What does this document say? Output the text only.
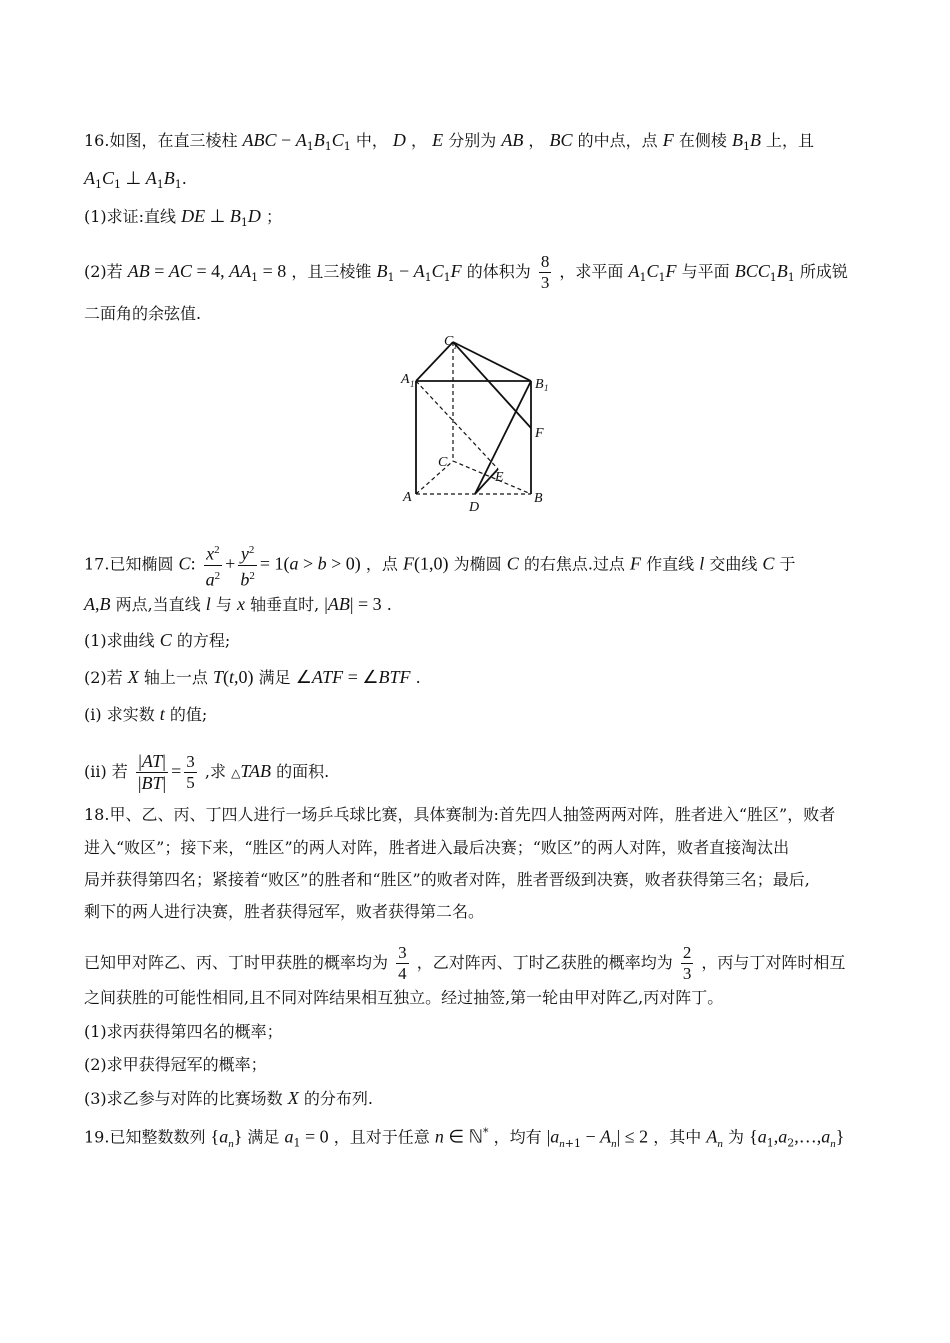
16.如图，在直三棱柱 ABC − $A_1B_1C_1$ 中， D ， E 分别为 AB ， BC 的中点，点 F 在侧棱 $B_1B$ 上，且
$A_1C_1$ ⊥ $A_1B_1$.
(1)求证:直线 DE ⊥ $B_1D$ ；
(2)若 AB = AC = 4, $AA_1 = 8$ ，且三棱锥 $B_1 - A_1C_1F$ 的体积为 $\frac{8}{3}$ ，求平面 $A_1C_1F$ 与平面 $BCC_1B_1$ 所成锐
二面角的余弦值.
C 1
A 1	B 1
F
C
E
A	B
D
17.已知椭圆 C: $\frac{x^2}{a^2} + \frac{y^2}{b^2} = 1(a > b > 0)$ ，点 F(1,0) 为椭圆 C 的右焦点.过点 F 作直线 l 交曲线 C 于
A,B 两点,当直线 l 与 x 轴垂直时, |AB| = 3 .
(1)求曲线 C 的方程;
(2)若 X 轴上一点 T(t,0) 满足 ∠ATF = ∠BTF .
(i) 求实数 t 的值;
(ii) 若 $\frac{|AT|}{|BT|} = \frac{3}{5}$ ,求 △TAB 的面积.
18.甲、乙、丙、丁四人进行一场乒乓球比赛，具体赛制为:首先四人抽签两两对阵，胜者进入“胜区”，败者
进入“败区”；接下来，“胜区”的两人对阵，胜者进入最后决赛；“败区”的两人对阵，败者直接淘汰出
局并获得第四名；紧接着“败区”的胜者和“胜区”的败者对阵，胜者晋级到决赛，败者获得第三名；最后,
剩下的两人进行决赛，胜者获得冠军，败者获得第二名。
已知甲对阵乙、丙、丁时甲获胜的概率均为 $\frac{3}{4}$ ，乙对阵丙、丁时乙获胜的概率均为 $\frac{2}{3}$ ，丙与丁对阵时相互
之间获胜的可能性相同,且不同对阵结果相互独立。经过抽签,第一轮由甲对阵乙,丙对阵丁。
(1)求丙获得第四名的概率；
(2)求甲获得冠军的概率；
(3)求乙参与对阵的比赛场数 X 的分布列.
19.已知整数数列 $\{a_n\}$ 满足 $a_1 = 0$ ，且对于任意 n ∈ ℕ* ，均有 $|a_{n+1} - A_n| \le 2$ ，其中 $A_n$ 为 $\{a_1,a_2,\dots,a_n\}$
